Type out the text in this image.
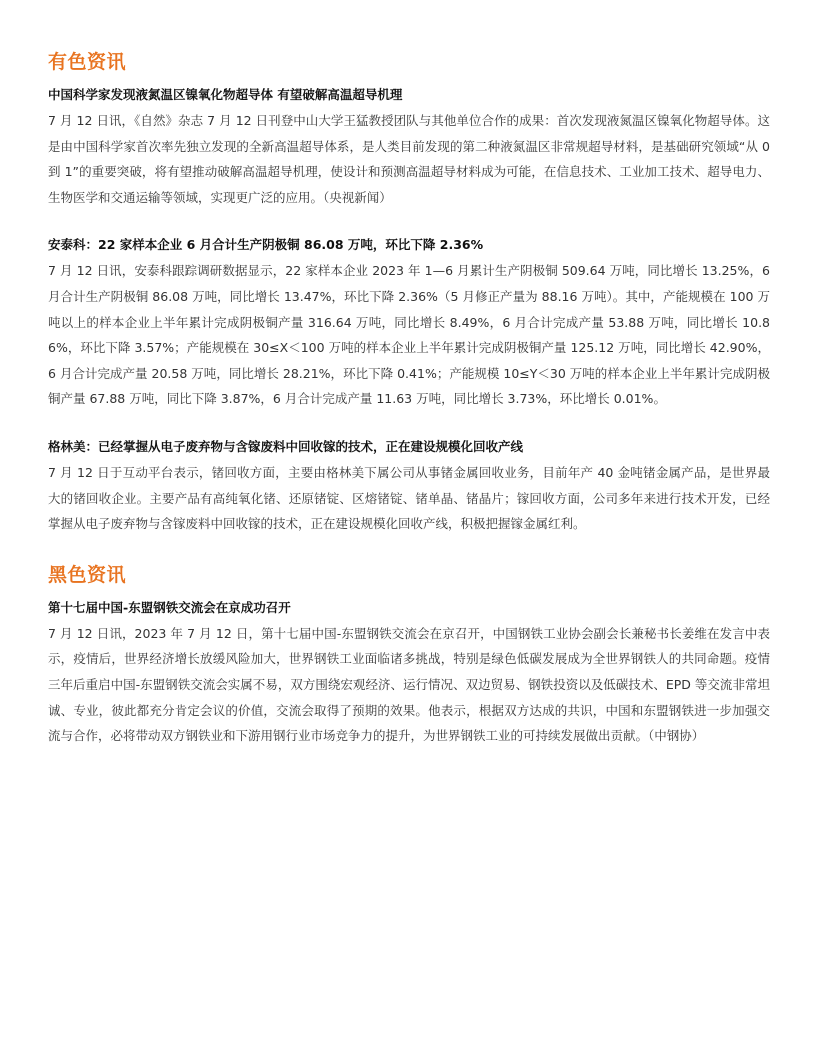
有色资讯
中国科学家发现液氮温区镍氧化物超导体 有望破解高温超导机理

7 月 12 日讯，《自然》杂志 7 月 12 日刊登中山大学王猛教授团队与其他单位合作的成果：首次发现液氮温区镍氧化物超导体。这是由中国科学家首次率先独立发现的全新高温超导体系，是人类目前发现的第二种液氮温区非常规超导材料，是基础研究领域“从 0 到 1”的重要突破，将有望推动破解高温超导机理，使设计和预测高温超导材料成为可能，在信息技术、工业加工技术、超导电力、生物医学和交通运输等领域，实现更广泛的应用。（央视新闻）

安泰科：22 家样本企业 6 月合计生产阴极铜 86.08 万吨，环比下降 2.36%

7 月 12 日讯，安泰科跟踪调研数据显示，22 家样本企业 2023 年 1—6 月累计生产阴极铜 509.64 万吨，同比增长 13.25%，6 月合计生产阴极铜 86.08 万吨，同比增长 13.47%，环比下降 2.36%（5 月修正产量为 88.16 万吨）。其中，产能规模在 100 万吨以上的样本企业上半年累计完成阴极铜产量 316.64 万吨，同比增长 8.49%，6 月合计完成产量 53.88 万吨，同比增长 10.86%，环比下降 3.57%；产能规模在 30≤X＜100 万吨的样本企业上半年累计完成阴极铜产量 125.12 万吨，同比增长 42.90%，6 月合计完成产量 20.58 万吨，同比增长 28.21%，环比下降 0.41%；产能规模 10≤Y＜30 万吨的样本企业上半年累计完成阴极铜产量 67.88 万吨，同比下降 3.87%，6 月合计完成产量 11.63 万吨，同比增长 3.73%，环比增长 0.01%。

格林美：已经掌握从电子废弃物与含镓废料中回收镓的技术，正在建设规模化回收产线

7 月 12 日于互动平台表示，锗回收方面，主要由格林美下属公司从事锗金属回收业务，目前年产 40 金吨锗金属产品，是世界最大的锗回收企业。主要产品有高纯氧化锗、还原锗锭、区熔锗锭、锗单晶、锗晶片；镓回收方面，公司多年来进行技术开发，已经掌握从电子废弃物与含镓废料中回收镓的技术，正在建设规模化回收产线，积极把握镓金属红利。

黑色资讯
第十七届中国-东盟钢铁交流会在京成功召开

7 月 12 日讯，2023 年 7 月 12 日，第十七届中国-东盟钢铁交流会在京召开，中国钢铁工业协会副会长兼秘书长姜维在发言中表示，疫情后，世界经济增长放缓风险加大，世界钢铁工业面临诸多挑战，特别是绿色低碳发展成为全世界钢铁人的共同命题。疫情三年后重启中国-东盟钢铁交流会实属不易，双方围绕宏观经济、运行情况、双边贸易、钢铁投资以及低碳技术、EPD 等交流非常坦诚、专业，彼此都充分肯定会议的价值，交流会取得了预期的效果。他表示，根据双方达成的共识，中国和东盟钢铁进一步加强交流与合作，必将带动双方钢铁业和下游用钢行业市场竞争力的提升，为世界钢铁工业的可持续发展做出贡献。（中钢协）
